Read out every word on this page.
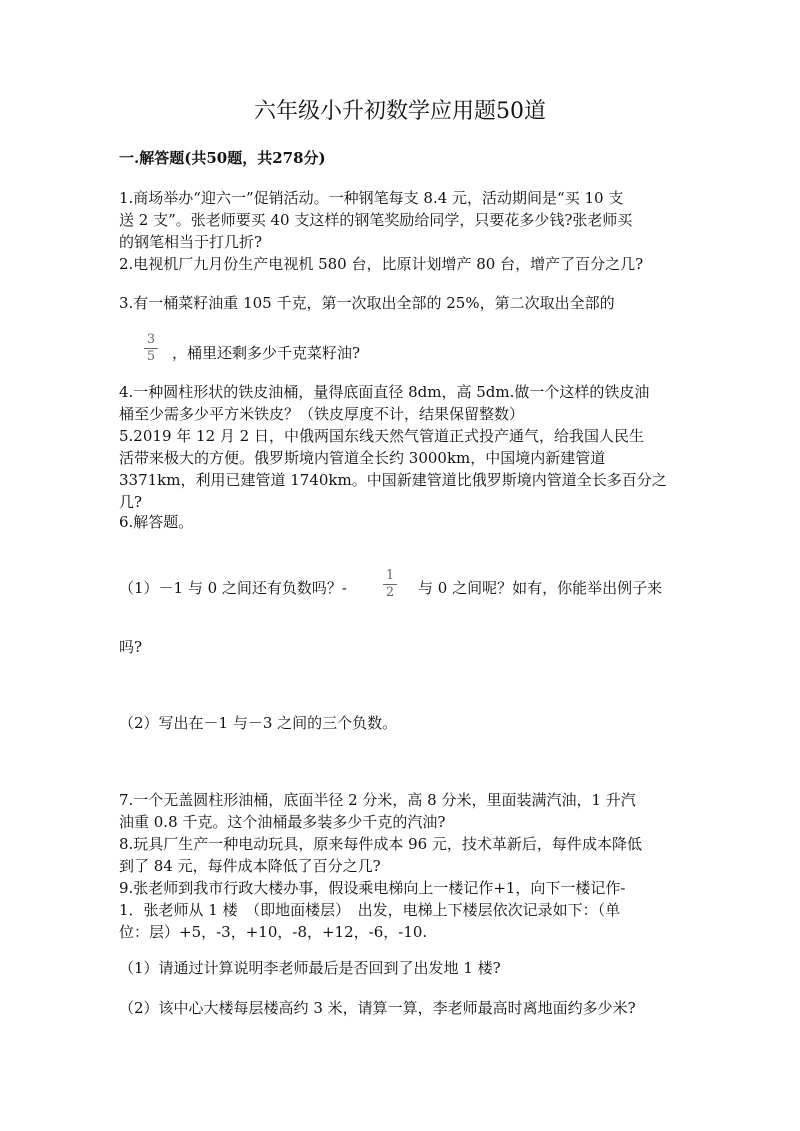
六年级小升初数学应用题50道
一.解答题(共50题，共278分)
1.商场举办“迎六一”促销活动。一种钢笔每支 8.4 元，活动期间是“买 10 支
送 2 支”。张老师要买 40 支这样的钢笔奖励给同学，只要花多少钱?张老师买
的钢笔相当于打几折?
2.电视机厂九月份生产电视机 580 台，比原计划增产 80 台，增产了百分之几?
3.有一桶菜籽油重 105 千克，第一次取出全部的 25%，第二次取出全部的
3
5	，桶里还剩多少千克菜籽油?
4.一种圆柱形状的铁皮油桶，量得底面直径 8dm，高 5dm.做一个这样的铁皮油
桶至少需多少平方米铁皮？（铁皮厚度不计，结果保留整数）
5.2019 年 12 月 2 日，中俄两国东线天然气管道正式投产通气，给我国人民生
活带来极大的方便。俄罗斯境内管道全长约 3000km，中国境内新建管道
3371km，利用已建管道 1740km。中国新建管道比俄罗斯境内管道全长多百分之
几?
6.解答题。
（1）－1 与 0 之间还有负数吗？-
1
2	与 0 之间呢？如有，你能举出例子来
吗?
（2）写出在－1 与－3 之间的三个负数。
7.一个无盖圆柱形油桶，底面半径 2 分米，高 8 分米，里面装满汽油，1 升汽
油重 0.8 千克。这个油桶最多装多少千克的汽油?
8.玩具厂生产一种电动玩具，原来每件成本 96 元，技术革新后，每件成本降低
到了 84 元，每件成本降低了百分之几?
9.张老师到我市行政大楼办事，假设乘电梯向上一楼记作+1，向下一楼记作-
1．张老师从 1 楼　（即地面楼层）　出发，电梯上下楼层依次记录如下：（单
位：层）+5，-3，+10，-8，+12，-6，-10.
（1）请通过计算说明李老师最后是否回到了出发地 1 楼?
（2）该中心大楼每层楼高约 3 米，请算一算，李老师最高时离地面约多少米?
